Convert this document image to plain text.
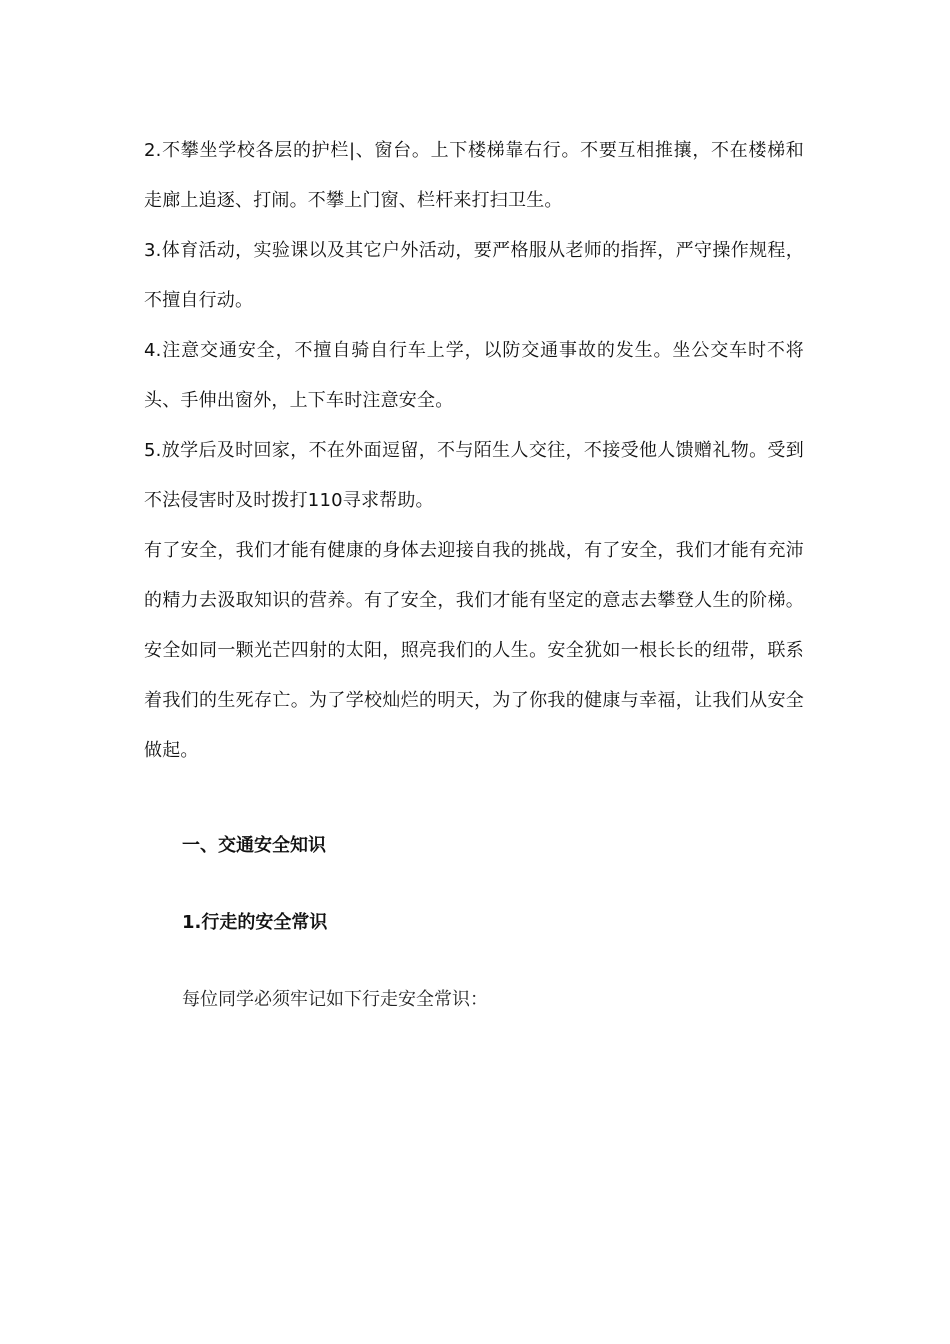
2.不攀坐学校各层的护栏|、窗台。上下楼梯靠右行。不要互相推攘，不在楼梯和走廊上追逐、打闹。不攀上门窗、栏杆来打扫卫生。

3.体育活动，实验课以及其它户外活动，要严格服从老师的指挥，严守操作规程，不擅自行动。

4.注意交通安全，不擅自骑自行车上学，以防交通事故的发生。坐公交车时不将头、手伸出窗外，上下车时注意安全。

5.放学后及时回家，不在外面逗留，不与陌生人交往，不接受他人馈赠礼物。受到不法侵害时及时拨打110寻求帮助。

有了安全，我们才能有健康的身体去迎接自我的挑战，有了安全，我们才能有充沛的精力去汲取知识的营养。有了安全，我们才能有坚定的意志去攀登人生的阶梯。安全如同一颗光芒四射的太阳，照亮我们的人生。安全犹如一根长长的纽带，联系着我们的生死存亡。为了学校灿烂的明天，为了你我的健康与幸福，让我们从安全做起。

一、交通安全知识

1.行走的安全常识

每位同学必须牢记如下行走安全常识：
